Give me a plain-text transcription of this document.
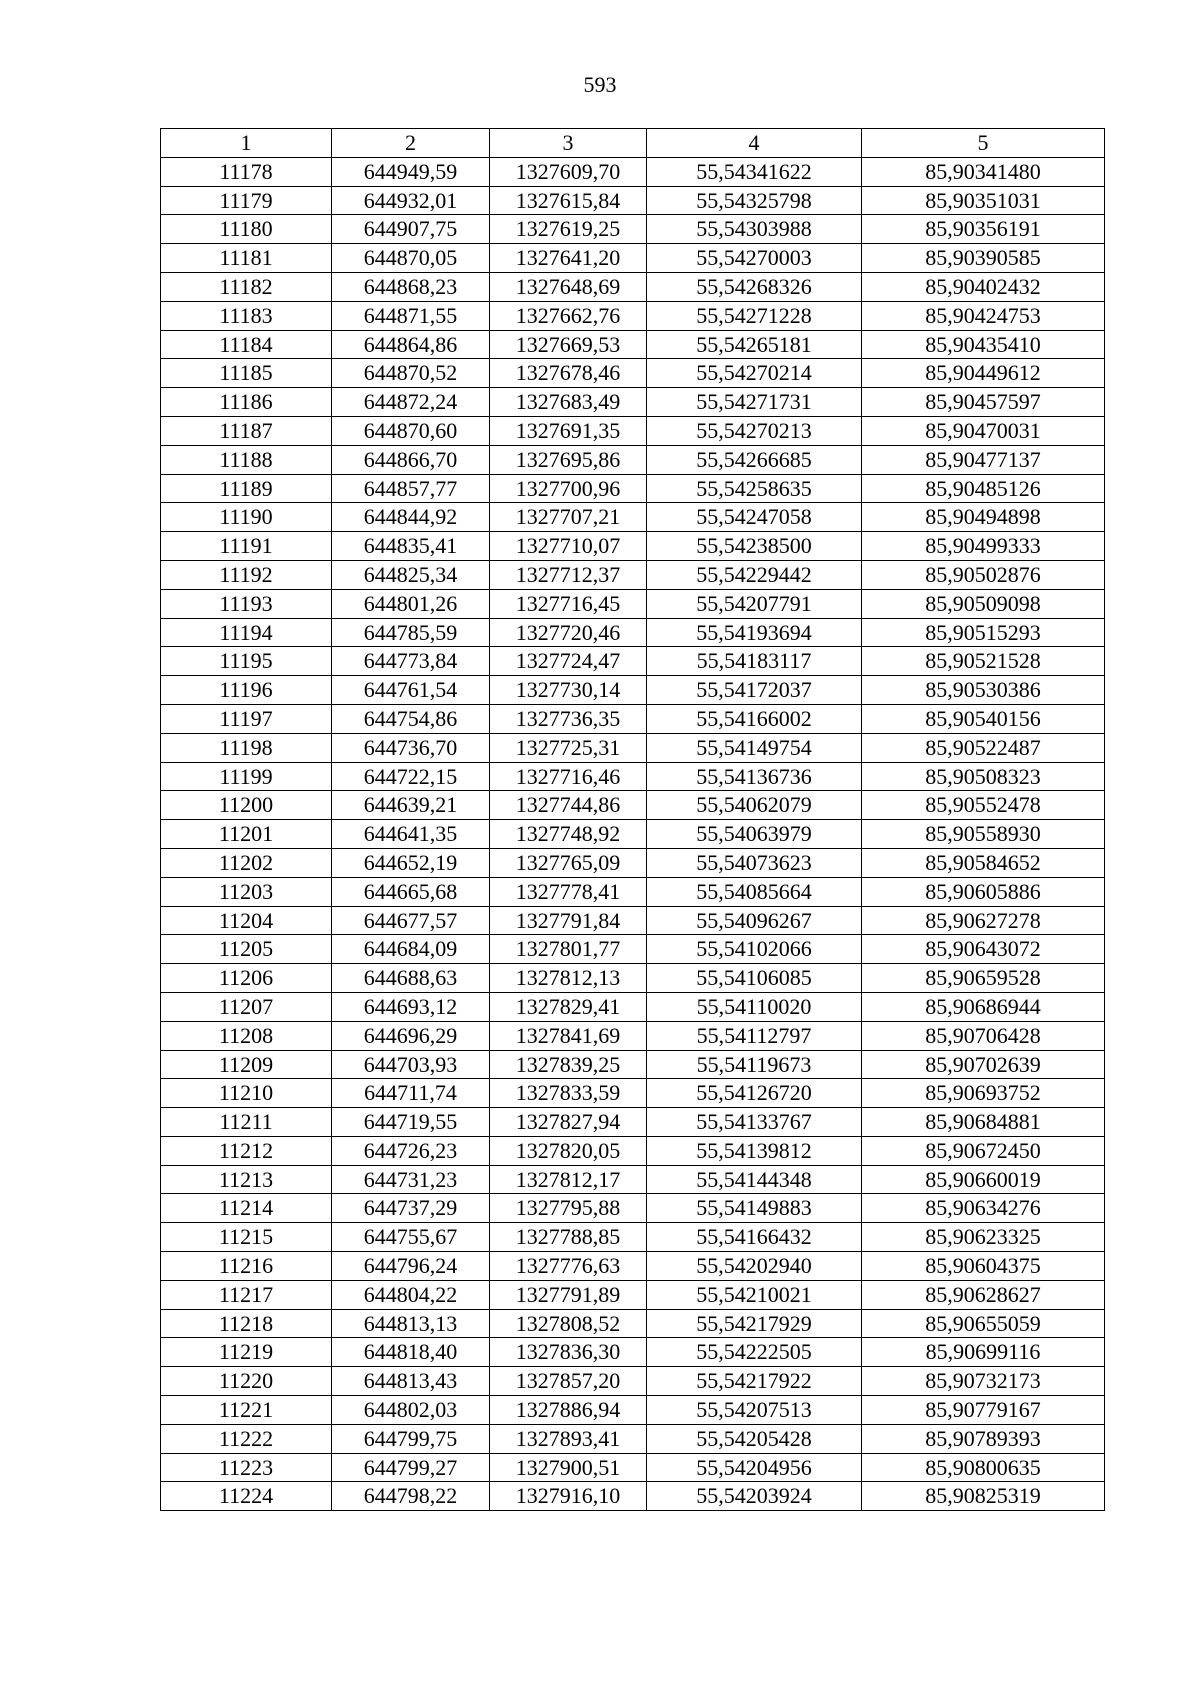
593
1	2	3	4	5
11178	644949,59	1327609,70	55,54341622	85,90341480
11179	644932,01	1327615,84	55,54325798	85,90351031
11180	644907,75	1327619,25	55,54303988	85,90356191
11181	644870,05	1327641,20	55,54270003	85,90390585
11182	644868,23	1327648,69	55,54268326	85,90402432
11183	644871,55	1327662,76	55,54271228	85,90424753
11184	644864,86	1327669,53	55,54265181	85,90435410
11185	644870,52	1327678,46	55,54270214	85,90449612
11186	644872,24	1327683,49	55,54271731	85,90457597
11187	644870,60	1327691,35	55,54270213	85,90470031
11188	644866,70	1327695,86	55,54266685	85,90477137
11189	644857,77	1327700,96	55,54258635	85,90485126
11190	644844,92	1327707,21	55,54247058	85,90494898
11191	644835,41	1327710,07	55,54238500	85,90499333
11192	644825,34	1327712,37	55,54229442	85,90502876
11193	644801,26	1327716,45	55,54207791	85,90509098
11194	644785,59	1327720,46	55,54193694	85,90515293
11195	644773,84	1327724,47	55,54183117	85,90521528
11196	644761,54	1327730,14	55,54172037	85,90530386
11197	644754,86	1327736,35	55,54166002	85,90540156
11198	644736,70	1327725,31	55,54149754	85,90522487
11199	644722,15	1327716,46	55,54136736	85,90508323
11200	644639,21	1327744,86	55,54062079	85,90552478
11201	644641,35	1327748,92	55,54063979	85,90558930
11202	644652,19	1327765,09	55,54073623	85,90584652
11203	644665,68	1327778,41	55,54085664	85,90605886
11204	644677,57	1327791,84	55,54096267	85,90627278
11205	644684,09	1327801,77	55,54102066	85,90643072
11206	644688,63	1327812,13	55,54106085	85,90659528
11207	644693,12	1327829,41	55,54110020	85,90686944
11208	644696,29	1327841,69	55,54112797	85,90706428
11209	644703,93	1327839,25	55,54119673	85,90702639
11210	644711,74	1327833,59	55,54126720	85,90693752
11211	644719,55	1327827,94	55,54133767	85,90684881
11212	644726,23	1327820,05	55,54139812	85,90672450
11213	644731,23	1327812,17	55,54144348	85,90660019
11214	644737,29	1327795,88	55,54149883	85,90634276
11215	644755,67	1327788,85	55,54166432	85,90623325
11216	644796,24	1327776,63	55,54202940	85,90604375
11217	644804,22	1327791,89	55,54210021	85,90628627
11218	644813,13	1327808,52	55,54217929	85,90655059
11219	644818,40	1327836,30	55,54222505	85,90699116
11220	644813,43	1327857,20	55,54217922	85,90732173
11221	644802,03	1327886,94	55,54207513	85,90779167
11222	644799,75	1327893,41	55,54205428	85,90789393
11223	644799,27	1327900,51	55,54204956	85,90800635
11224	644798,22	1327916,10	55,54203924	85,90825319
